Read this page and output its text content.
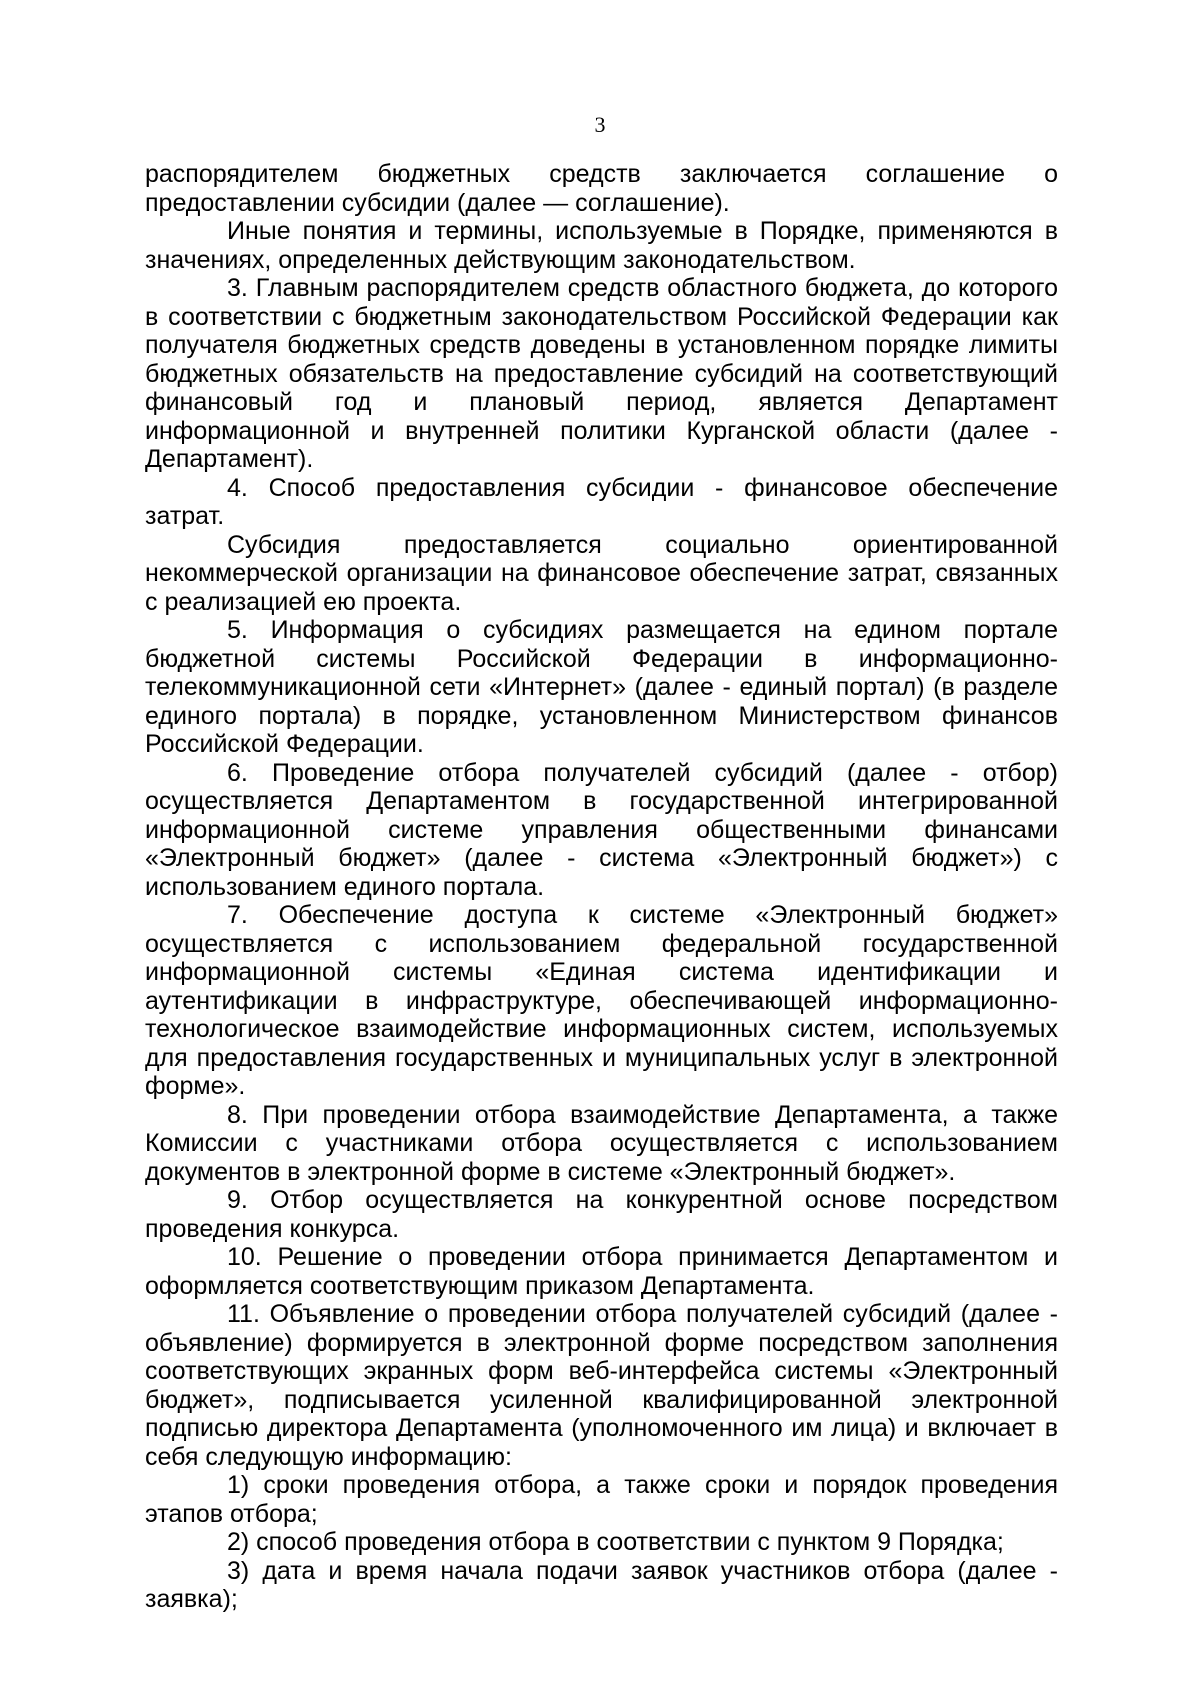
3

распорядителем бюджетных средств заключается соглашение о предоставлении субсидии (далее — соглашение).

Иные понятия и термины, используемые в Порядке, применяются в значениях, определенных действующим законодательством.

3. Главным распорядителем средств областного бюджета, до которого в соответствии с бюджетным законодательством Российской Федерации как получателя бюджетных средств доведены в установленном порядке лимиты бюджетных обязательств на предоставление субсидий на соответствующий финансовый год и плановый период, является Департамент информационной и внутренней политики Курганской области (далее - Департамент).

4. Способ предоставления субсидии - финансовое обеспечение затрат.

Субсидия предоставляется социально ориентированной некоммерческой организации на финансовое обеспечение затрат, связанных с реализацией ею проекта.

5. Информация о субсидиях размещается на едином портале бюджетной системы Российской Федерации в информационно-телекоммуникационной сети «Интернет» (далее - единый портал) (в разделе единого портала) в порядке, установленном Министерством финансов Российской Федерации.

6. Проведение отбора получателей субсидий (далее - отбор) осуществляется Департаментом в государственной интегрированной информационной системе управления общественными финансами «Электронный бюджет» (далее - система «Электронный бюджет») с использованием единого портала.

7. Обеспечение доступа к системе «Электронный бюджет» осуществляется с использованием федеральной государственной информационной системы «Единая система идентификации и аутентификации в инфраструктуре, обеспечивающей информационно-технологическое взаимодействие информационных систем, используемых для предоставления государственных и муниципальных услуг в электронной форме».

8. При проведении отбора взаимодействие Департамента, а также Комиссии с участниками отбора осуществляется с использованием документов в электронной форме в системе «Электронный бюджет».

9. Отбор осуществляется на конкурентной основе посредством проведения конкурса.

10. Решение о проведении отбора принимается Департаментом и оформляется соответствующим приказом Департамента.

11. Объявление о проведении отбора получателей субсидий (далее - объявление) формируется в электронной форме посредством заполнения соответствующих экранных форм веб-интерфейса системы «Электронный бюджет», подписывается усиленной квалифицированной электронной подписью директора Департамента (уполномоченного им лица) и включает в себя следующую информацию:

1) сроки проведения отбора, а также сроки и порядок проведения этапов отбора;

2) способ проведения отбора в соответствии с пунктом 9 Порядка;

3) дата и время начала подачи заявок участников отбора (далее - заявка);
